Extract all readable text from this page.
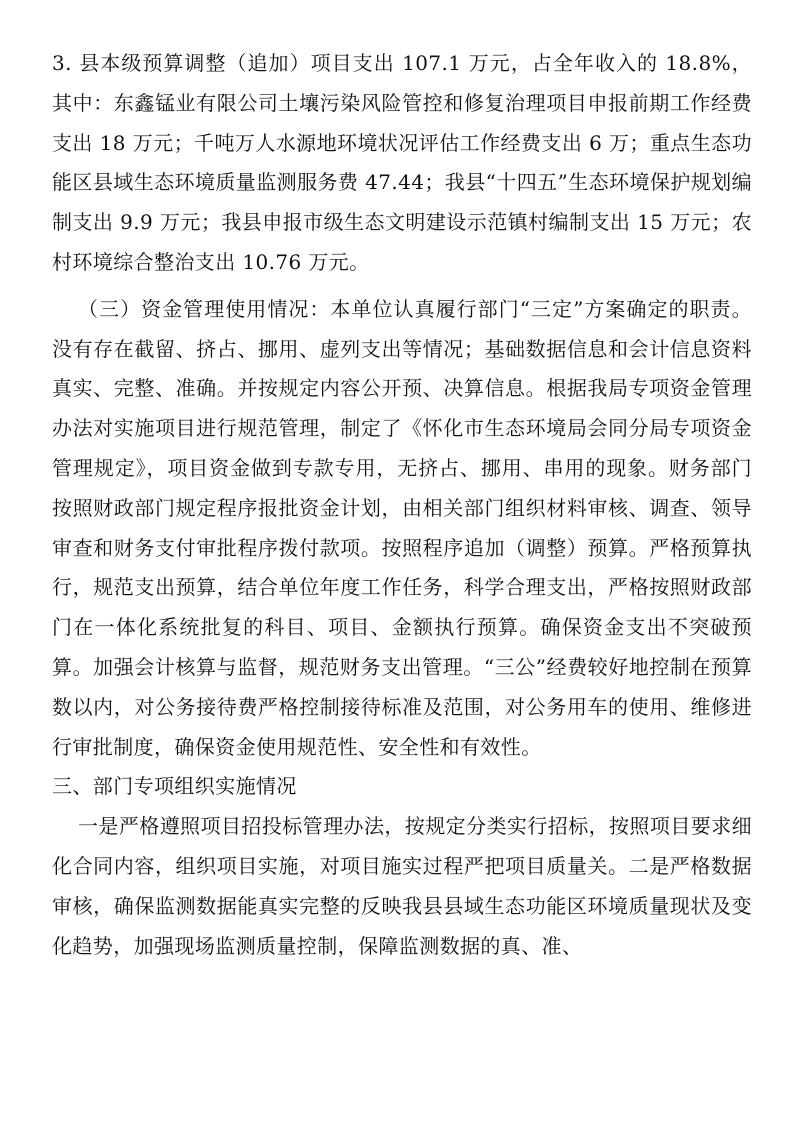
3. 县本级预算调整（追加）项目支出 107.1 万元，占全年收入的 18.8%，其中：东鑫锰业有限公司土壤污染风险管控和修复治理项目申报前期工作经费支出 18 万元；千吨万人水源地环境状况评估工作经费支出 6 万；重点生态功能区县域生态环境质量监测服务费 47.44；我县“十四五”生态环境保护规划编制支出 9.9 万元；我县申报市级生态文明建设示范镇村编制支出 15 万元；农村环境综合整治支出 10.76 万元。

（三）资金管理使用情况：本单位认真履行部门“三定”方案确定的职责。没有存在截留、挤占、挪用、虚列支出等情况；基础数据信息和会计信息资料真实、完整、准确。并按规定内容公开预、决算信息。根据我局专项资金管理办法对实施项目进行规范管理，制定了《怀化市生态环境局会同分局专项资金管理规定》，项目资金做到专款专用，无挤占、挪用、串用的现象。财务部门按照财政部门规定程序报批资金计划，由相关部门组织材料审核、调查、领导审查和财务支付审批程序拨付款项。按照程序追加（调整）预算。严格预算执行，规范支出预算，结合单位年度工作任务，科学合理支出，严格按照财政部门在一体化系统批复的科目、项目、金额执行预算。确保资金支出不突破预算。加强会计核算与监督，规范财务支出管理。“三公”经费较好地控制在预算数以内，对公务接待费严格控制接待标准及范围，对公务用车的使用、维修进行审批制度，确保资金使用规范性、安全性和有效性。

三、部门专项组织实施情况

一是严格遵照项目招投标管理办法，按规定分类实行招标，按照项目要求细化合同内容，组织项目实施，对项目施实过程严把项目质量关。二是严格数据审核，确保监测数据能真实完整的反映我县县域生态功能区环境质量现状及变化趋势，加强现场监测质量控制，保障监测数据的真、准、
